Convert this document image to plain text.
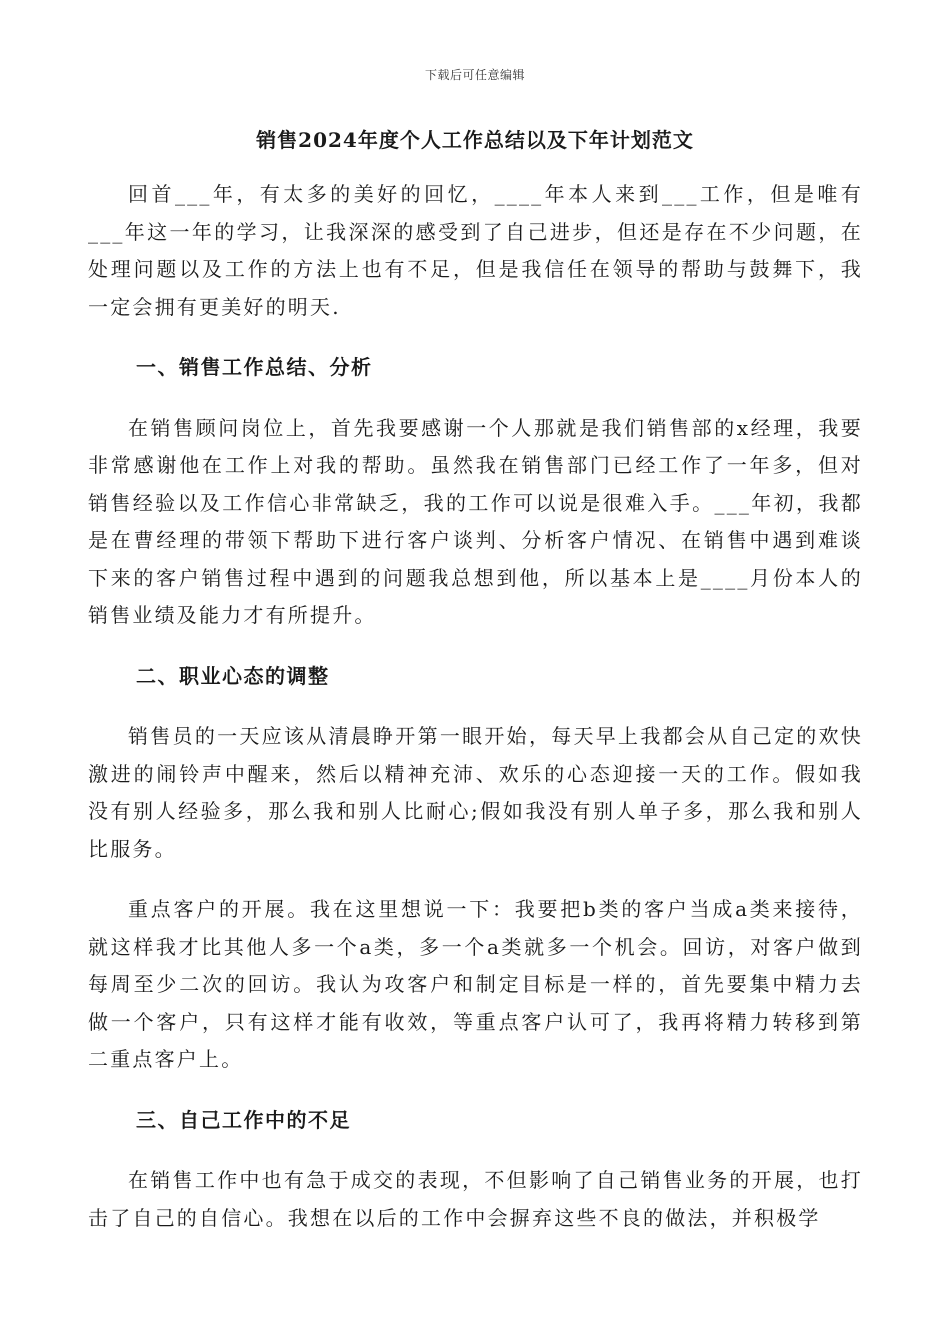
下载后可任意编辑
销售2024年度个人工作总结以及下年计划范文

回首___年，有太多的美好的回忆，____年本人来到___工作，但是唯有___年这一年的学习，让我深深的感受到了自己进步，但还是存在不少问题，在处理问题以及工作的方法上也有不足，但是我信任在领导的帮助与鼓舞下，我一定会拥有更美好的明天.

一、销售工作总结、分析

在销售顾问岗位上，首先我要感谢一个人那就是我们销售部的x经理，我要非常感谢他在工作上对我的帮助。虽然我在销售部门已经工作了一年多，但对销售经验以及工作信心非常缺乏，我的工作可以说是很难入手。___年初，我都是在曹经理的带领下帮助下进行客户谈判、分析客户情况、在销售中遇到难谈下来的客户销售过程中遇到的问题我总想到他，所以基本上是____月份本人的销售业绩及能力才有所提升。

二、职业心态的调整

销售员的一天应该从清晨睁开第一眼开始，每天早上我都会从自己定的欢快激进的闹铃声中醒来，然后以精神充沛、欢乐的心态迎接一天的工作。假如我没有别人经验多，那么我和别人比耐心;假如我没有别人单子多，那么我和别人比服务。

重点客户的开展。我在这里想说一下：我要把b类的客户当成a类来接待，就这样我才比其他人多一个a类，多一个a类就多一个机会。回访，对客户做到每周至少二次的回访。我认为攻客户和制定目标是一样的，首先要集中精力去做一个客户，只有这样才能有收效，等重点客户认可了，我再将精力转移到第二重点客户上。

三、自己工作中的不足

在销售工作中也有急于成交的表现，不但影响了自己销售业务的开展，也打击了自己的自信心。我想在以后的工作中会摒弃这些不良的做法，并积极学
